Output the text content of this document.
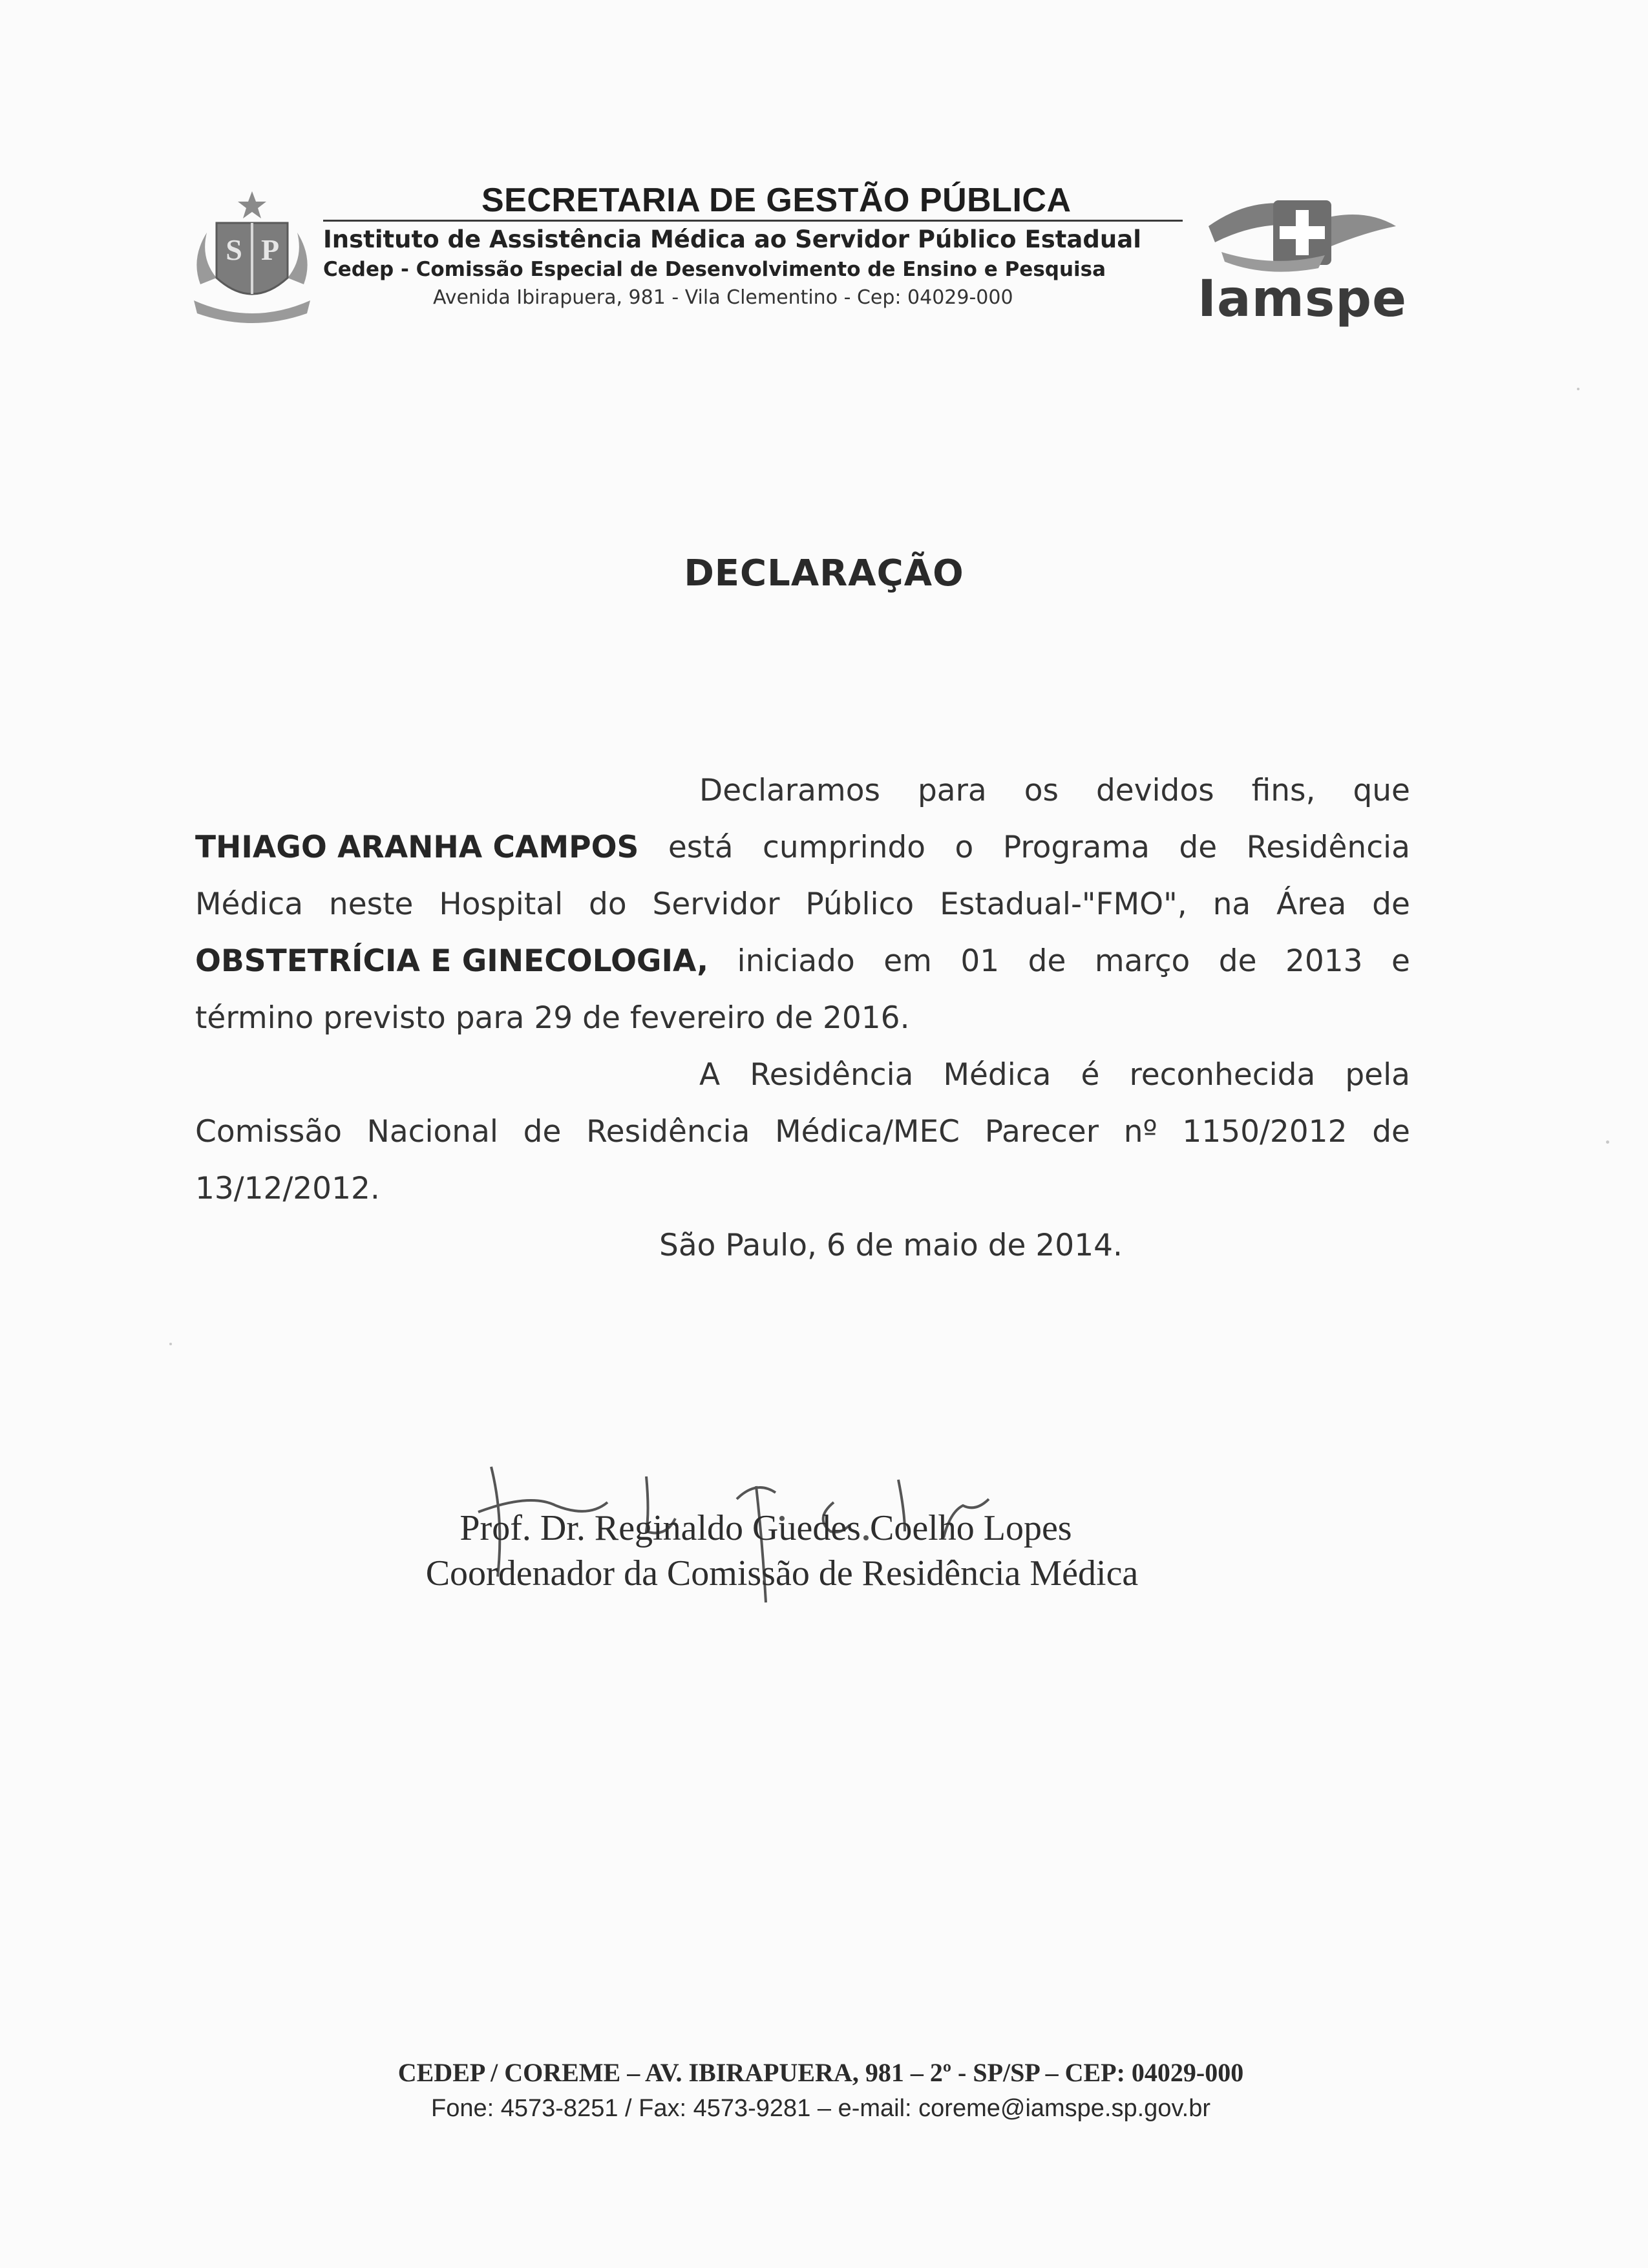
S P
SECRETARIA DE GESTÃO PÚBLICA
Instituto de Assistência Médica ao Servidor Público Estadual
Cedep - Comissão Especial de Desenvolvimento de Ensino e Pesquisa
Avenida Ibirapuera, 981 - Vila Clementino - Cep: 04029-000	Iamspe
DECLARAÇÃO
Declaramos para os devidos fins, que
THIAGO ARANHA CAMPOS está cumprindo o Programa de Residência
Médica neste Hospital do Servidor Público Estadual-"FMO", na Área de
OBSTETRÍCIA E GINECOLOGIA, iniciado em 01 de março de 2013 e
término previsto para 29 de fevereiro de 2016.
A Residência Médica é reconhecida pela
Comissão Nacional de Residência Médica/MEC Parecer nº 1150/2012 de
13/12/2012.
São Paulo, 6 de maio de 2014.
Prof. Dr. Reginaldo Guedes Coelho Lopes
Coordenador da Comissão de Residência Médica
CEDEP / COREME – AV. IBIRAPUERA, 981 – 2º - SP/SP – CEP: 04029-000
Fone: 4573-8251 / Fax: 4573-9281 – e-mail: coreme@iamspe.sp.gov.br
